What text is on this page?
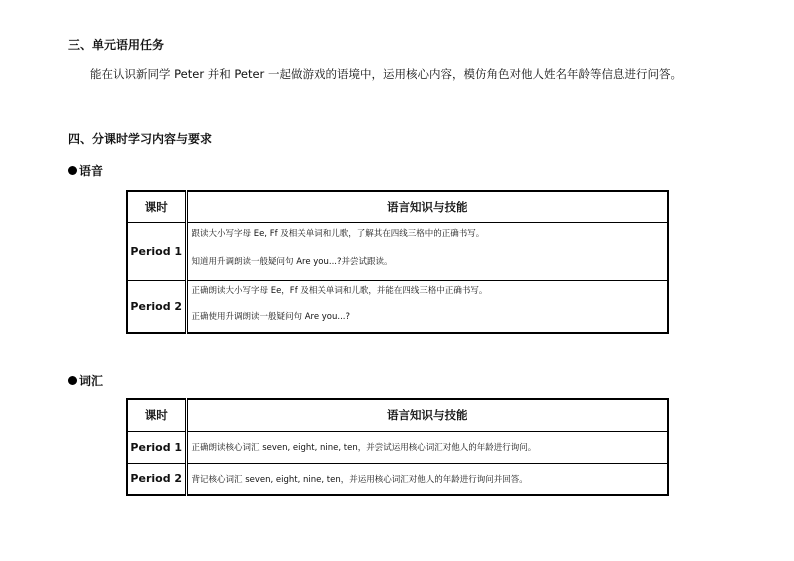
三、单元语用任务
能在认识新同学 Peter 并和 Peter 一起做游戏的语境中，运用核心内容，模仿角色对他人姓名年龄等信息进行问答。
四、分课时学习内容与要求
语音
课时	语言知识与技能
Period 1	跟读大小写字母 Ee, Ff 及相关单词和儿歌，了解其在四线三格中的正确书写。
知道用升调朗读一般疑问句 Are you...?并尝试跟读。

Period 2	正确朗读大小写字母 Ee，Ff 及相关单词和儿歌，并能在四线三格中正确书写。
正确使用升调朗读一般疑问句 Are you...?
词汇
课时	语言知识与技能
Period 1	正确朗读核心词汇 seven, eight, nine, ten，并尝试运用核心词汇对他人的年龄进行询问。
Period 2	背记核心词汇 seven, eight, nine, ten，并运用核心词汇对他人的年龄进行询问并回答。
